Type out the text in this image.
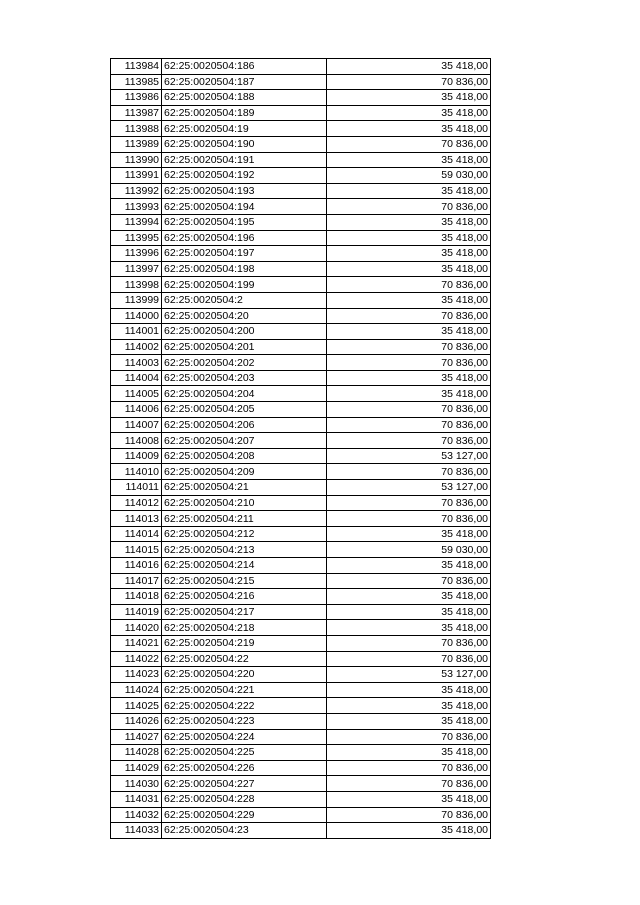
113984	62:25:0020504:186	35 418,00
113985	62:25:0020504:187	70 836,00
113986	62:25:0020504:188	35 418,00
113987	62:25:0020504:189	35 418,00
113988	62:25:0020504:19	35 418,00
113989	62:25:0020504:190	70 836,00
113990	62:25:0020504:191	35 418,00
113991	62:25:0020504:192	59 030,00
113992	62:25:0020504:193	35 418,00
113993	62:25:0020504:194	70 836,00
113994	62:25:0020504:195	35 418,00
113995	62:25:0020504:196	35 418,00
113996	62:25:0020504:197	35 418,00
113997	62:25:0020504:198	35 418,00
113998	62:25:0020504:199	70 836,00
113999	62:25:0020504:2	35 418,00
114000	62:25:0020504:20	70 836,00
114001	62:25:0020504:200	35 418,00
114002	62:25:0020504:201	70 836,00
114003	62:25:0020504:202	70 836,00
114004	62:25:0020504:203	35 418,00
114005	62:25:0020504:204	35 418,00
114006	62:25:0020504:205	70 836,00
114007	62:25:0020504:206	70 836,00
114008	62:25:0020504:207	70 836,00
114009	62:25:0020504:208	53 127,00
114010	62:25:0020504:209	70 836,00
114011	62:25:0020504:21	53 127,00
114012	62:25:0020504:210	70 836,00
114013	62:25:0020504:211	70 836,00
114014	62:25:0020504:212	35 418,00
114015	62:25:0020504:213	59 030,00
114016	62:25:0020504:214	35 418,00
114017	62:25:0020504:215	70 836,00
114018	62:25:0020504:216	35 418,00
114019	62:25:0020504:217	35 418,00
114020	62:25:0020504:218	35 418,00
114021	62:25:0020504:219	70 836,00
114022	62:25:0020504:22	70 836,00
114023	62:25:0020504:220	53 127,00
114024	62:25:0020504:221	35 418,00
114025	62:25:0020504:222	35 418,00
114026	62:25:0020504:223	35 418,00
114027	62:25:0020504:224	70 836,00
114028	62:25:0020504:225	35 418,00
114029	62:25:0020504:226	70 836,00
114030	62:25:0020504:227	70 836,00
114031	62:25:0020504:228	35 418,00
114032	62:25:0020504:229	70 836,00
114033	62:25:0020504:23	35 418,00
